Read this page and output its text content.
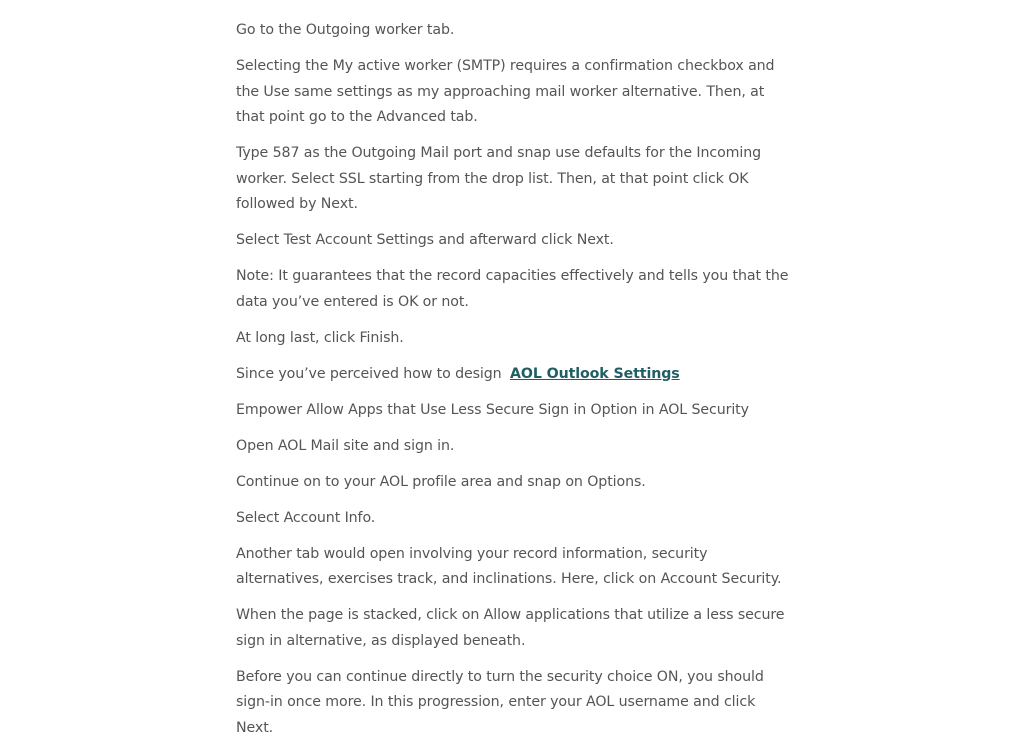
Go to the Outgoing worker tab.

Selecting the My active worker (SMTP) requires a confirmation checkbox and the Use same settings as my approaching mail worker alternative. Then, at that point go to the Advanced tab.

Type 587 as the Outgoing Mail port and snap use defaults for the Incoming worker. Select SSL starting from the drop list. Then, at that point click OK followed by Next.

Select Test Account Settings and afterward click Next.

Note: It guarantees that the record capacities effectively and tells you that the data you’ve entered is OK or not.

At long last, click Finish.

Since you’ve perceived how to design AOL Outlook Settings

Empower Allow Apps that Use Less Secure Sign in Option in AOL Security

Open AOL Mail site and sign in.

Continue on to your AOL profile area and snap on Options.

Select Account Info.

Another tab would open involving your record information, security alternatives, exercises track, and inclinations. Here, click on Account Security.

When the page is stacked, click on Allow applications that utilize a less secure sign in alternative, as displayed beneath.

Before you can continue directly to turn the security choice ON, you should sign-in once more. In this progression, enter your AOL username and click Next.
